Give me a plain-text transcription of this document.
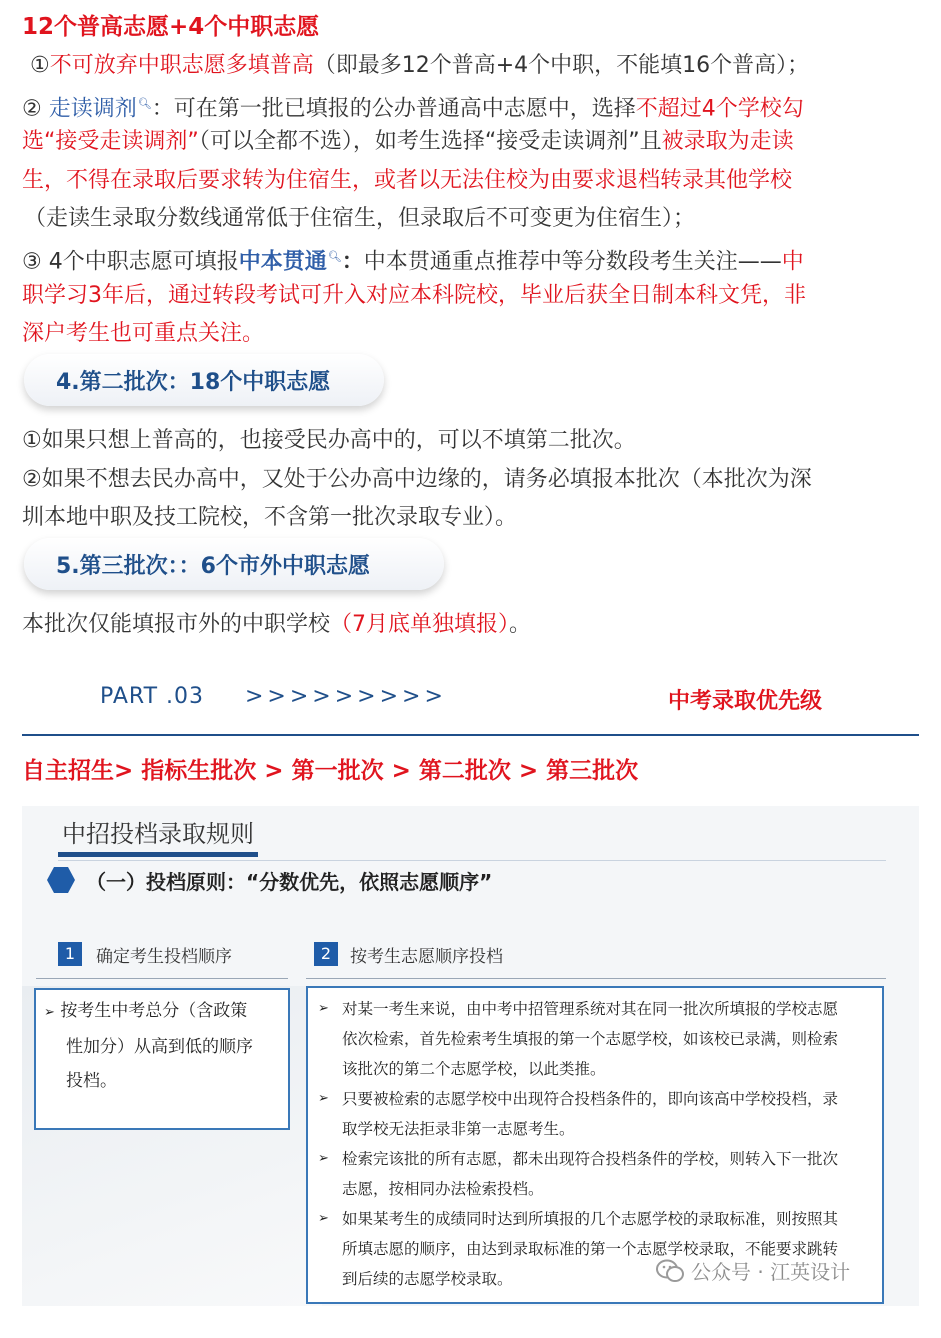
12个普高志愿+4个中职志愿
①不可放弃中职志愿多填普高（即最多12个普高+4个中职，不能填16个普高）；
② 走读调剂🔍︎：可在第一批已填报的公办普通高中志愿中，选择不超过4个学校勾
选“接受走读调剂”（可以全都不选），如考生选择“接受走读调剂”且被录取为走读
生，不得在录取后要求转为住宿生，或者以无法住校为由要求退档转录其他学校
（走读生录取分数线通常低于住宿生，但录取后不可变更为住宿生）；
③ 4个中职志愿可填报中本贯通🔍︎：中本贯通重点推荐中等分数段考生关注——中
职学习3年后，通过转段考试可升入对应本科院校，毕业后获全日制本科文凭，非
深户考生也可重点关注。
4.第二批次：18个中职志愿
①如果只想上普高的，也接受民办高中的，可以不填第二批次。
②如果不想去民办高中，又处于公办高中边缘的，请务必填报本批次（本批次为深
圳本地中职及技工院校，不含第一批次录取专业）。
5.第三批次：：6个市外中职志愿
本批次仅能填报市外的中职学校（7月底单独填报）。
PART .03 >>>>>>>>>	中考录取优先级
自主招生> 指标生批次 > 第一批次 > 第二批次 > 第三批次
中招投档录取规则
（一）投档原则：“分数优先，依照志愿顺序”
1	确定考生投档顺序
➢ 按考生中考总分（含政策
性加分）从高到低的顺序
投档。
2	按考生志愿顺序投档
➢ 对某一考生来说，由中考中招管理系统对其在同一批次所填报的学校志愿
依次检索，首先检索考生填报的第一个志愿学校，如该校已录满，则检索
该批次的第二个志愿学校，以此类推。
➢ 只要被检索的志愿学校中出现符合投档条件的，即向该高中学校投档，录
取学校无法拒录非第一志愿考生。
➢ 检索完该批的所有志愿，都未出现符合投档条件的学校，则转入下一批次
志愿，按相同办法检索投档。
➢ 如果某考生的成绩同时达到所填报的几个志愿学校的录取标准，则按照其
所填志愿的顺序，由达到录取标准的第一个志愿学校录取，不能要求跳转
到后续的志愿学校录取。	公众号 · 江英设计
